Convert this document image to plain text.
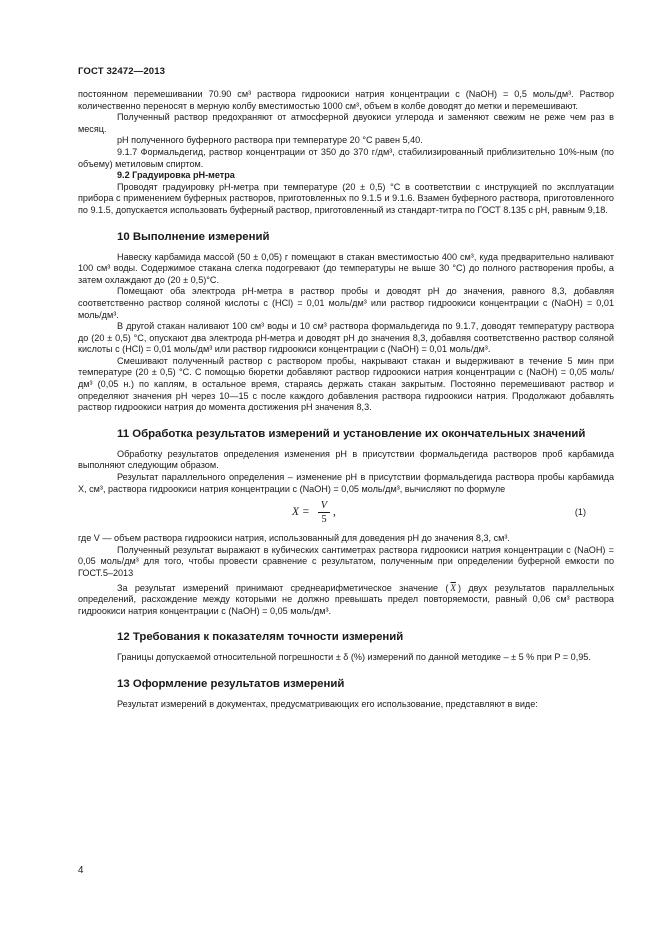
ГОСТ 32472—2013

постоянном перемешивании 70.90 см³ раствора гидроокиси натрия концентрации с (NaOH) = 0,5 моль/дм³. Раствор количественно переносят в мерную колбу вместимостью 1000 см³, объем в колбе доводят до метки и перемешивают.

Полученный раствор предохраняют от атмосферной двуокиси углерода и заменяют свежим не реже чем раз в месяц.

pH полученного буферного раствора при температуре 20 °C равен 5,40.

9.1.7 Формальдегид, раствор концентрации от 350 до 370 г/дм³, стабилизированный приблизительно 10%-ным (по объему) метиловым спиртом.

9.2 Градуировка pH-метра

Проводят градуировку pH-метра при температуре (20 ± 0,5) °C в соответствии с инструкцией по эксплуатации прибора с применением буферных растворов, приготовленных по 9.1.5 и 9.1.6. Взамен буферного раствора, приготовленного по 9.1.5, допускается использовать буферный раствор, приготовленный из стандарт-титра по ГОСТ 8.135 с pH, равным 9,18.

10 Выполнение измерений

Навеску карбамида массой (50 ± 0,05) г помещают в стакан вместимостью 400 см³, куда предварительно наливают 100 см³ воды. Содержимое стакана слегка подогревают (до температуры не выше 30 °C) до полного растворения пробы, а затем охлаждают до (20 ± 0,5)°C.

Помещают оба электрода pH-метра в раствор пробы и доводят pH до значения, равного 8,3, добавляя соответственно раствор соляной кислоты с (HCl) = 0,01 моль/дм³ или раствор гидроокиси концентрации с (NaOH) = 0,01 моль/дм³.

В другой стакан наливают 100 см³ воды и 10 см³ раствора формальдегида по 9.1.7, доводят температуру раствора до (20 ± 0,5) °C, опускают два электрода pH-метра и доводят pH до значения 8,3, добавляя соответственно раствор соляной кислоты с (HCl) = 0,01 моль/дм³ или раствор гидроокиси концентрации с (NaOH) = 0,01 моль/дм³.

Смешивают полученный раствор с раствором пробы, накрывают стакан и выдерживают в течение 5 мин при температуре (20 ± 0,5) °C. С помощью бюретки добавляют раствор гидроокиси натрия концентрации с (NaOH) = 0,05 моль/дм³ (0,05 н.) по каплям, в остальное время, стараясь держать стакан закрытым. Постоянно перемешивают раствор и определяют значения pH через 10—15 с после каждого добавления раствора гидроокиси натрия. Продолжают добавлять раствор гидроокиси натрия до момента достижения pH значения 8,3.

11 Обработка результатов измерений и установление их окончательных значений

Обработку результатов определения изменения pH в присутствии формальдегида растворов проб карбамида выполняют следующим образом.

Результат параллельного определения – изменение pH в присутствии формальдегида раствора пробы карбамида X, см³, раствора гидроокиси натрия концентрации с (NaOH) = 0,05 моль/дм³, вычисляют по формуле

$X = \frac{V}{5}$ ,	(1)

где V — объем раствора гидроокиси натрия, использованный для доведения pH до значения 8,3, см³.

Полученный результат выражают в кубических сантиметрах раствора гидроокиси натрия концентрации с (NaOH) = 0,05 моль/дм³ для того, чтобы провести сравнение с результатом, полученным при определении буферной емкости по ГОСТ.5–2013

За результат измерений принимают среднеарифметическое значение ( $\overline{X}$ ) двух результатов параллельных определений, расхождение между которыми не должно превышать предел повторяемости, равный 0,06 см³ раствора гидроокиси натрия концентрации с (NaOH) = 0,05 моль/дм³.

12 Требования к показателям точности измерений

Границы допускаемой относительной погрешности ± δ (%) измерений по данной методике – ± 5 % при P = 0,95.

13 Оформление результатов измерений

Результат измерений в документах, предусматривающих его использование, представляют в виде:

4
